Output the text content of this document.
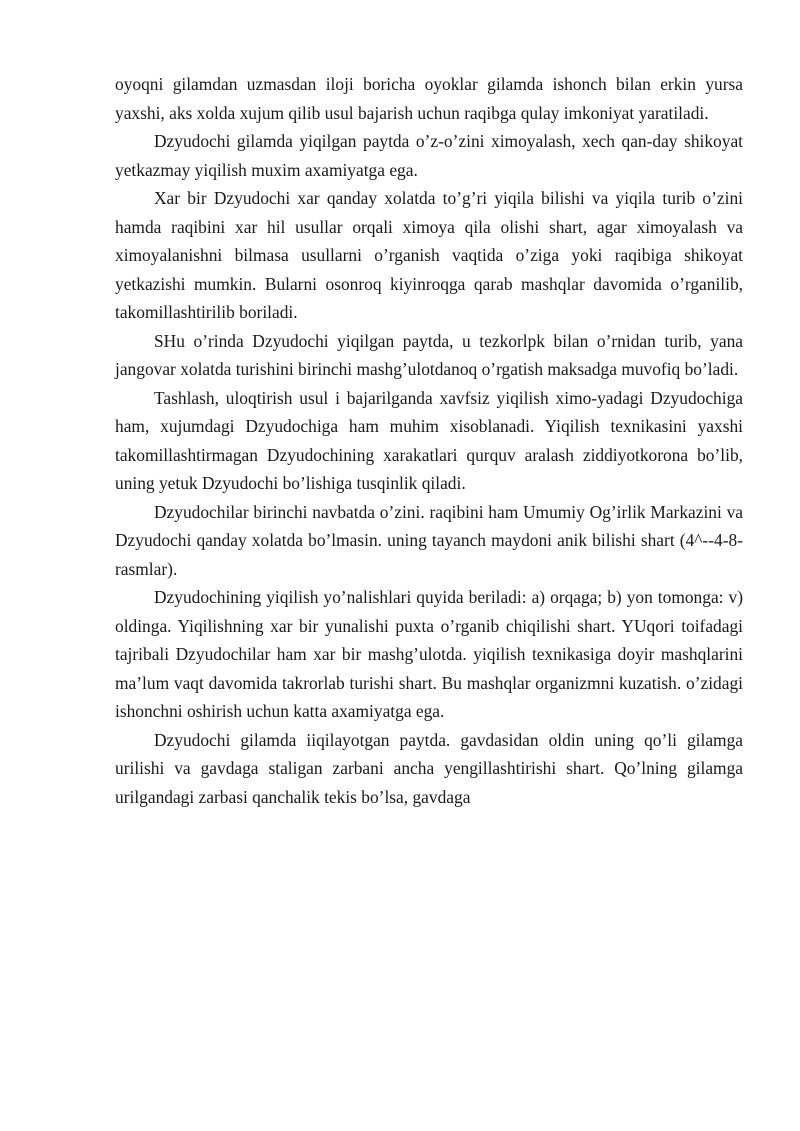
oyoqni gilamdan uzmasdan iloji boricha oyoklar gilamda ishonch bilan erkin yursa yaxshi, aks xolda xujum qilib usul bajarish uchun raqibga qulay imkoniyat yaratiladi.

Dzyudochi gilamda yiqilgan paytda o’z-o’zini ximoyalash, xech qan-day shikoyat yetkazmay yiqilish muxim axamiyatga ega.

Xar bir Dzyudochi xar qanday xolatda to’g’ri yiqila bilishi va yiqila turib o’zini hamda raqibini xar hil usullar orqali ximoya qila olishi shart, agar ximoyalash va ximoyalanishni bilmasa usullarni o’rganish vaqtida o’ziga yoki raqibiga shikoyat yetkazishi mumkin. Bularni osonroq kiyinroqga qarab mashqlar davomida o’rganilib, takomillashtirilib boriladi.

SHu o’rinda Dzyudochi yiqilgan paytda, u tezkorlpk bilan o’rnidan turib, yana jangovar xolatda turishini birinchi mashg’ulotdanoq o’rgatish maksadga muvofiq bo’ladi.

Tashlash, uloqtirish usul i bajarilganda xavfsiz yiqilish ximo-yadagi Dzyudochiga ham, xujumdagi Dzyudochiga ham muhim xisoblanadi. Yiqilish texnikasini yaxshi takomillashtirmagan Dzyudochining xarakatlari qurquv aralash ziddiyotkorona bo’lib, uning yetuk Dzyudochi bo’lishiga tusqinlik qiladi.

Dzyudochilar birinchi navbatda o’zini. raqibini ham Umumiy Og’irlik Markazini va Dzyudochi qanday xolatda bo’lmasin. uning tayanch maydoni anik bilishi shart (4^--4-8-rasmlar).

Dzyudochining yiqilish yo’nalishlari quyida beriladi: a) orqaga; b) yon tomonga: v) oldinga. Yiqilishning xar bir yunalishi puxta o’rganib chiqilishi shart. YUqori toifadagi tajribali Dzyudochilar ham xar bir mashg’ulotda. yiqilish texnikasiga doyir mashqlarini ma’lum vaqt davomida takrorlab turishi shart. Bu mashqlar organizmni kuzatish. o’zidagi ishonchni oshirish uchun katta axamiyatga ega.

Dzyudochi gilamda iiqilayotgan paytda. gavdasidan oldin uning qo’li gilamga urilishi va gavdaga staligan zarbani ancha yengillashtirishi shart. Qo’lning gilamga urilgandagi zarbasi qanchalik tekis bo’lsa, gavdaga
